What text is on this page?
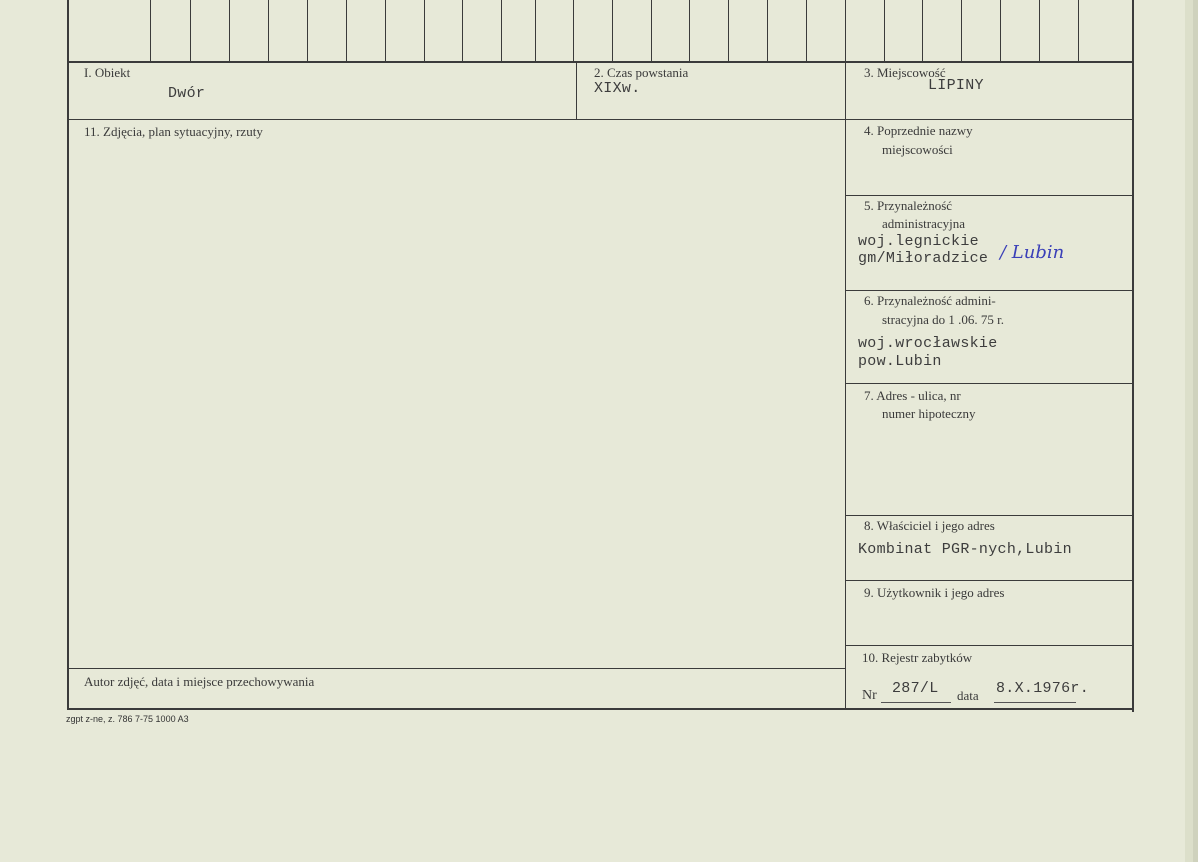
I. Obiekt
Dwór
2. Czas powstania
XIXw.
3. Miejscowość
LIPINY
11. Zdjęcia, plan sytuacyjny, rzuty	4. Poprzednie nazwy
miejscowości
5. Przynależność
administracyjna
woj.legnickie
gm/Miłoradzice / Lubin
6. Przynależność admini-
stracyjna do 1 .06. 75 r.
woj.wrocławskie
pow.Lubin
7. Adres - ulica, nr
numer hipoteczny
8. Właściciel i jego adres
Kombinat PGR-nych,Lubin
9. Użytkownik i jego adres
10. Rejestr zabytków
Nr 287/L data 8.X.1976r.
Autor zdjęć, data i miejsce przechowywania
zgpt z-ne, z. 786 7-75 1000 A3
